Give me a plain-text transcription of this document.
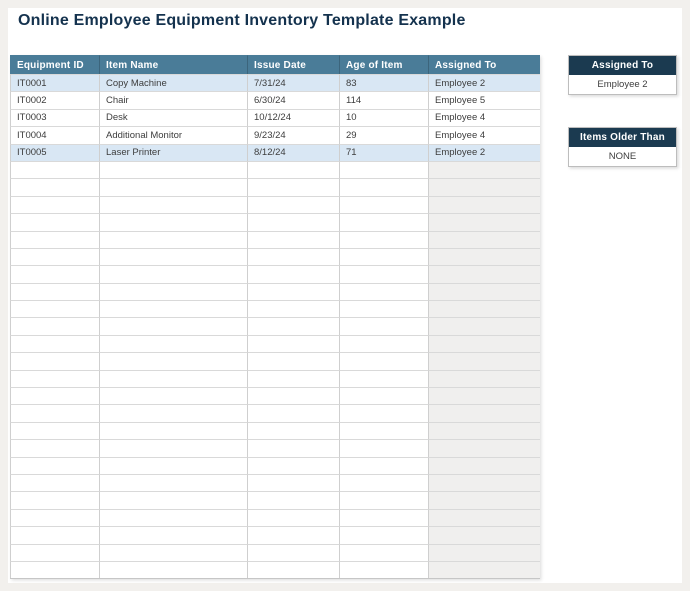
Online Employee Equipment Inventory Template Example
Equipment ID	Item Name	Issue Date	Age of Item	Assigned To
IT0001	Copy Machine	7/31/24	83	Employee 2
IT0002	Chair	6/30/24	114	Employee 5
IT0003	Desk	10/12/24	10	Employee 4
IT0004	Additional Monitor	9/23/24	29	Employee 4
IT0005	Laser Printer	8/12/24	71	Employee 2
Assigned To
Employee 2
Items Older Than
NONE
